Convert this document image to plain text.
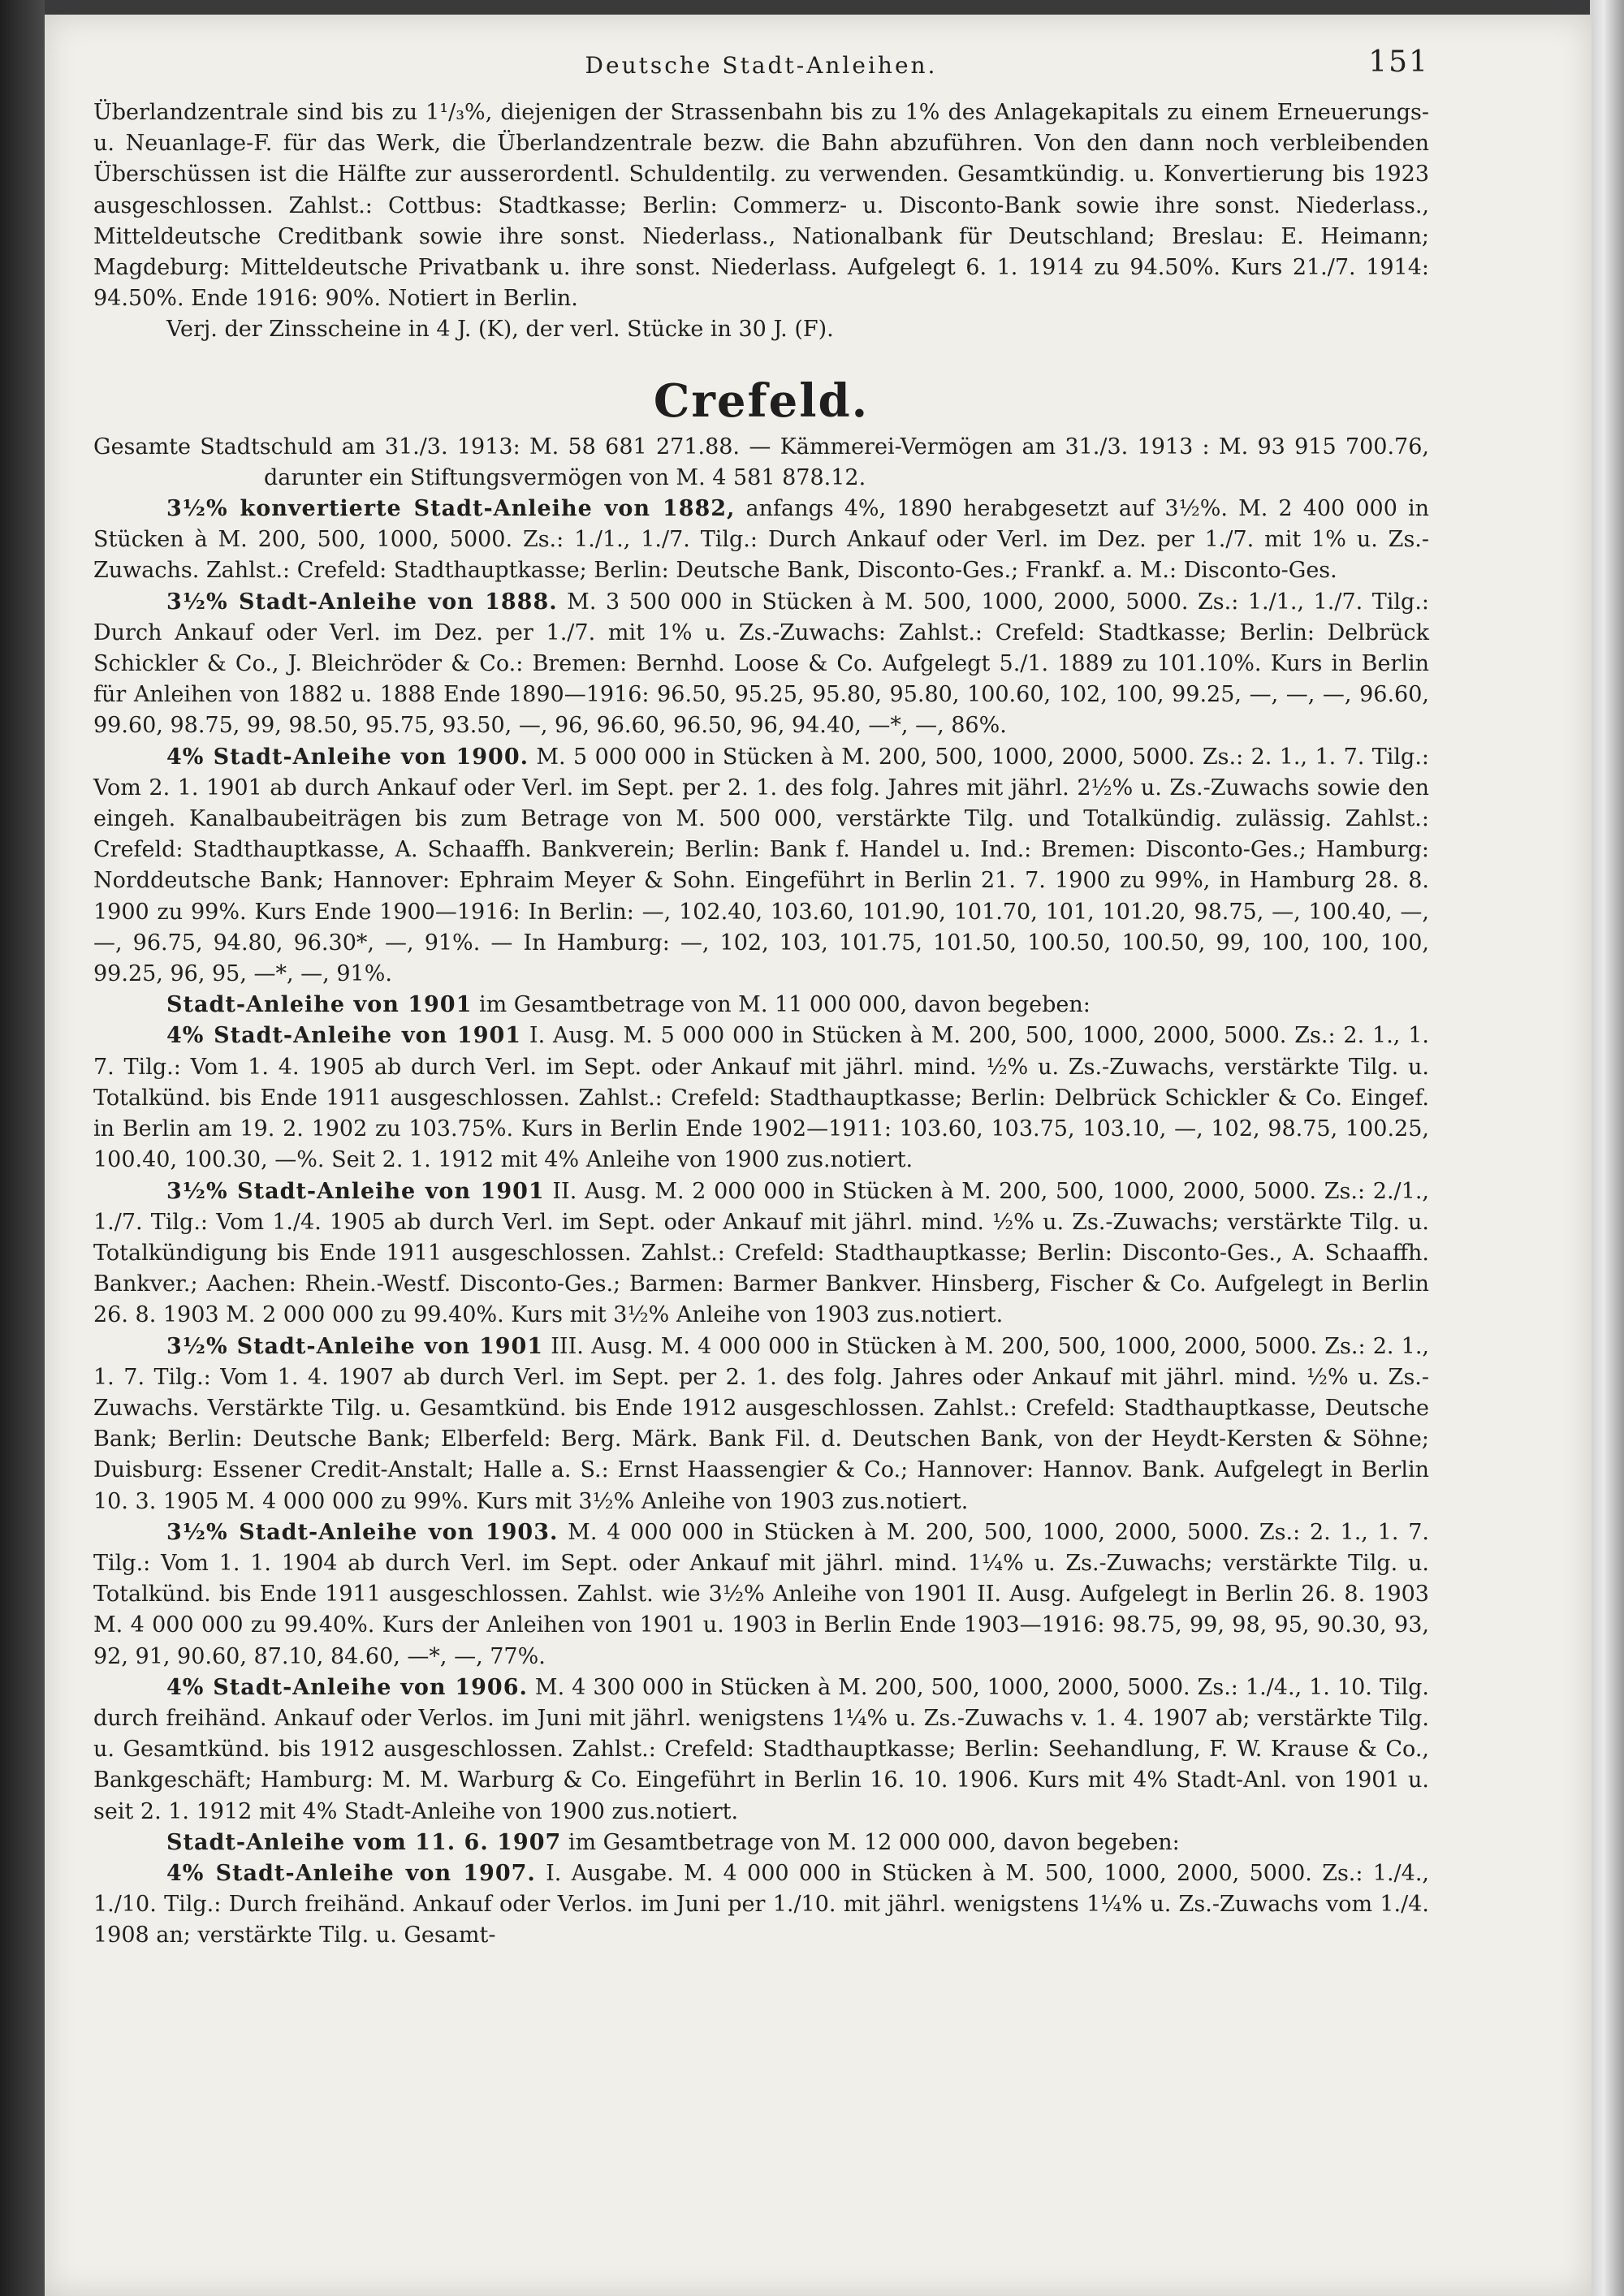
Deutsche Stadt-Anleihen.	151

Überlandzentrale sind bis zu 1¹/₃%, diejenigen der Strassenbahn bis zu 1% des Anlagekapitals zu einem Erneuerungs- u. Neuanlage-F. für das Werk, die Überlandzentrale bezw. die Bahn abzuführen. Von den dann noch verbleibenden Überschüssen ist die Hälfte zur ausserordentl. Schuldentilg. zu verwenden. Gesamtkündig. u. Konvertierung bis 1923 ausgeschlossen. Zahlst.: Cottbus: Stadtkasse; Berlin: Commerz- u. Disconto-Bank sowie ihre sonst. Niederlass., Mitteldeutsche Creditbank sowie ihre sonst. Niederlass., Nationalbank für Deutschland; Breslau: E. Heimann; Magdeburg: Mitteldeutsche Privatbank u. ihre sonst. Niederlass. Aufgelegt 6. 1. 1914 zu 94.50%. Kurs 21./7. 1914: 94.50%. Ende 1916: 90%. Notiert in Berlin.

Verj. der Zinsscheine in 4 J. (K), der verl. Stücke in 30 J. (F).

Crefeld.

Gesamte Stadtschuld am 31./3. 1913: M. 58 681 271.88. — Kämmerei-Vermögen am 31./3. 1913 : M. 93 915 700.76, darunter ein Stiftungsvermögen von M. 4 581 878.12.

3½% konvertierte Stadt-Anleihe von 1882, anfangs 4%, 1890 herabgesetzt auf 3½%. M. 2 400 000 in Stücken à M. 200, 500, 1000, 5000. Zs.: 1./1., 1./7. Tilg.: Durch Ankauf oder Verl. im Dez. per 1./7. mit 1% u. Zs.-Zuwachs. Zahlst.: Crefeld: Stadthauptkasse; Berlin: Deutsche Bank, Disconto-Ges.; Frankf. a. M.: Disconto-Ges.

3½% Stadt-Anleihe von 1888. M. 3 500 000 in Stücken à M. 500, 1000, 2000, 5000. Zs.: 1./1., 1./7. Tilg.: Durch Ankauf oder Verl. im Dez. per 1./7. mit 1% u. Zs.-Zuwachs: Zahlst.: Crefeld: Stadtkasse; Berlin: Delbrück Schickler & Co., J. Bleichröder & Co.: Bremen: Bernhd. Loose & Co. Aufgelegt 5./1. 1889 zu 101.10%. Kurs in Berlin für Anleihen von 1882 u. 1888 Ende 1890—1916: 96.50, 95.25, 95.80, 95.80, 100.60, 102, 100, 99.25, —, —, —, 96.60, 99.60, 98.75, 99, 98.50, 95.75, 93.50, —, 96, 96.60, 96.50, 96, 94.40, —*, —, 86%.

4% Stadt-Anleihe von 1900. M. 5 000 000 in Stücken à M. 200, 500, 1000, 2000, 5000. Zs.: 2. 1., 1. 7. Tilg.: Vom 2. 1. 1901 ab durch Ankauf oder Verl. im Sept. per 2. 1. des folg. Jahres mit jährl. 2½% u. Zs.-Zuwachs sowie den eingeh. Kanalbaubeiträgen bis zum Betrage von M. 500 000, verstärkte Tilg. und Totalkündig. zulässig. Zahlst.: Crefeld: Stadthauptkasse, A. Schaaffh. Bankverein; Berlin: Bank f. Handel u. Ind.: Bremen: Disconto-Ges.; Hamburg: Norddeutsche Bank; Hannover: Ephraim Meyer & Sohn. Eingeführt in Berlin 21. 7. 1900 zu 99%, in Hamburg 28. 8. 1900 zu 99%. Kurs Ende 1900—1916: In Berlin: —, 102.40, 103.60, 101.90, 101.70, 101, 101.20, 98.75, —, 100.40, —, —, 96.75, 94.80, 96.30*, —, 91%. — In Hamburg: —, 102, 103, 101.75, 101.50, 100.50, 100.50, 99, 100, 100, 100, 99.25, 96, 95, —*, —, 91%.

Stadt-Anleihe von 1901 im Gesamtbetrage von M. 11 000 000, davon begeben:

4% Stadt-Anleihe von 1901 I. Ausg. M. 5 000 000 in Stücken à M. 200, 500, 1000, 2000, 5000. Zs.: 2. 1., 1. 7. Tilg.: Vom 1. 4. 1905 ab durch Verl. im Sept. oder Ankauf mit jährl. mind. ½% u. Zs.-Zuwachs, verstärkte Tilg. u. Totalkünd. bis Ende 1911 ausgeschlossen. Zahlst.: Crefeld: Stadthauptkasse; Berlin: Delbrück Schickler & Co. Eingef. in Berlin am 19. 2. 1902 zu 103.75%. Kurs in Berlin Ende 1902—1911: 103.60, 103.75, 103.10, —, 102, 98.75, 100.25, 100.40, 100.30, —%. Seit 2. 1. 1912 mit 4% Anleihe von 1900 zus.notiert.

3½% Stadt-Anleihe von 1901 II. Ausg. M. 2 000 000 in Stücken à M. 200, 500, 1000, 2000, 5000. Zs.: 2./1., 1./7. Tilg.: Vom 1./4. 1905 ab durch Verl. im Sept. oder Ankauf mit jährl. mind. ½% u. Zs.-Zuwachs; verstärkte Tilg. u. Totalkündigung bis Ende 1911 ausgeschlossen. Zahlst.: Crefeld: Stadthauptkasse; Berlin: Disconto-Ges., A. Schaaffh. Bankver.; Aachen: Rhein.-Westf. Disconto-Ges.; Barmen: Barmer Bankver. Hinsberg, Fischer & Co. Aufgelegt in Berlin 26. 8. 1903 M. 2 000 000 zu 99.40%. Kurs mit 3½% Anleihe von 1903 zus.notiert.

3½% Stadt-Anleihe von 1901 III. Ausg. M. 4 000 000 in Stücken à M. 200, 500, 1000, 2000, 5000. Zs.: 2. 1., 1. 7. Tilg.: Vom 1. 4. 1907 ab durch Verl. im Sept. per 2. 1. des folg. Jahres oder Ankauf mit jährl. mind. ½% u. Zs.-Zuwachs. Verstärkte Tilg. u. Gesamtkünd. bis Ende 1912 ausgeschlossen. Zahlst.: Crefeld: Stadthauptkasse, Deutsche Bank; Berlin: Deutsche Bank; Elberfeld: Berg. Märk. Bank Fil. d. Deutschen Bank, von der Heydt-Kersten & Söhne; Duisburg: Essener Credit-Anstalt; Halle a. S.: Ernst Haassengier & Co.; Hannover: Hannov. Bank. Aufgelegt in Berlin 10. 3. 1905 M. 4 000 000 zu 99%. Kurs mit 3½% Anleihe von 1903 zus.notiert.

3½% Stadt-Anleihe von 1903. M. 4 000 000 in Stücken à M. 200, 500, 1000, 2000, 5000. Zs.: 2. 1., 1. 7. Tilg.: Vom 1. 1. 1904 ab durch Verl. im Sept. oder Ankauf mit jährl. mind. 1¼% u. Zs.-Zuwachs; verstärkte Tilg. u. Totalkünd. bis Ende 1911 ausgeschlossen. Zahlst. wie 3½% Anleihe von 1901 II. Ausg. Aufgelegt in Berlin 26. 8. 1903 M. 4 000 000 zu 99.40%. Kurs der Anleihen von 1901 u. 1903 in Berlin Ende 1903—1916: 98.75, 99, 98, 95, 90.30, 93, 92, 91, 90.60, 87.10, 84.60, —*, —, 77%.

4% Stadt-Anleihe von 1906. M. 4 300 000 in Stücken à M. 200, 500, 1000, 2000, 5000. Zs.: 1./4., 1. 10. Tilg. durch freihänd. Ankauf oder Verlos. im Juni mit jährl. wenigstens 1¼% u. Zs.-Zuwachs v. 1. 4. 1907 ab; verstärkte Tilg. u. Gesamtkünd. bis 1912 ausgeschlossen. Zahlst.: Crefeld: Stadthauptkasse; Berlin: Seehandlung, F. W. Krause & Co., Bankgeschäft; Hamburg: M. M. Warburg & Co. Eingeführt in Berlin 16. 10. 1906. Kurs mit 4% Stadt-Anl. von 1901 u. seit 2. 1. 1912 mit 4% Stadt-Anleihe von 1900 zus.notiert.

Stadt-Anleihe vom 11. 6. 1907 im Gesamtbetrage von M. 12 000 000, davon begeben:

4% Stadt-Anleihe von 1907. I. Ausgabe. M. 4 000 000 in Stücken à M. 500, 1000, 2000, 5000. Zs.: 1./4., 1./10. Tilg.: Durch freihänd. Ankauf oder Verlos. im Juni per 1./10. mit jährl. wenigstens 1¼% u. Zs.-Zuwachs vom 1./4. 1908 an; verstärkte Tilg. u. Gesamt-
